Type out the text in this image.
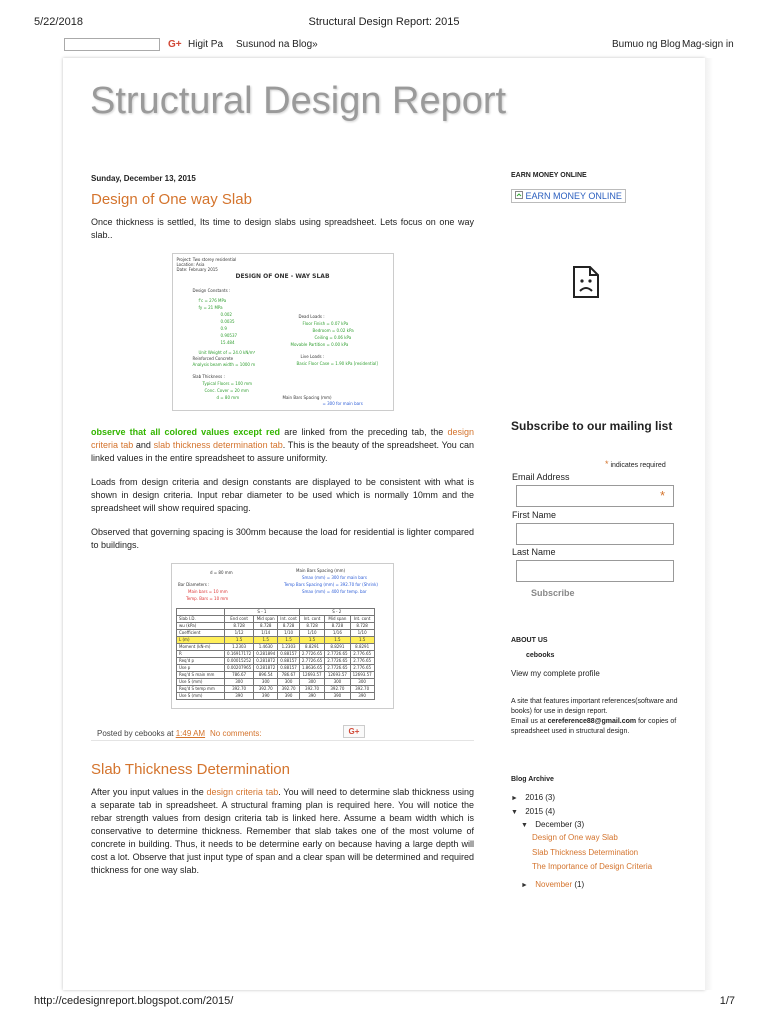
5/22/2018	Structural Design Report: 2015
G+ Higit Pa Susunod na Blog»	Bumuo ng Blog Mag-sign in
Structural Design Report
Sunday, December 13, 2015
Design of One way Slab

Once thickness is settled, Its time to design slabs using spreadsheet. Lets focus on one way slab..

Project: Two storey residential
Location: Asia
Date: February 2015
DESIGN OF ONE - WAY SLAB
Design Constants :
f'c = 276 MPa
fy = 21 MPa
0.002
0.0035
0.9
0.90537
15.484
Dead Loads :
Floor Finish = 0.07 kPa
Bedroom = 0.02 kPa
Ceiling = 0.06 kPa
Movable Partition = 0.00 kPa
Unit Weight of = 24.0 kN/m³
Reinforced Concrete
Analysis beam width = 1000 m
Live Loads :
Basic Floor Case = 1.90 kPa [residential]
Slab Thickness :
Typical Floors = 100 mm
Conc. Cover = 20 mm
d = 80 mm	Main Bars Spacing (mm)
= 300 for main bars

observe that all colored values except red are linked from the preceding tab, the design criteria tab and slab thickness determination tab. This is the beauty of the spreadsheet. You can linked values in the entire spreadsheet to assure uniformity.

Loads from design criteria and design constants are displayed to be consistent with what is shown in design criteria. Input rebar diameter to be used which is normally 10mm and the spreadsheet will show required spacing.

Observed that governing spacing is 300mm because the load for residential is lighter compared to buildings.

d = 80 mm
Bar Diameters :
Main bars = 10 mm
Temp. Bars = 10 mm
Main Bars Spacing (mm)
Smax (mm) = 300 for main bars
Temp Bars Spacing (mm) = 392.70 for (Shrink)
Smax (mm) = 400 for temp. bar
	S - 1			S - 2		
Slab I.D.	End cont	Mid span	Int. cont	Int. cont	Mid span	Int. cont
wu (kPa)	8.728	8.728	8.728	8.728	8.728	8.728
Coefficient	1/12	1/14	1/10	1/10	1/16	1/10
L (m)	1.5	1.5	1.5	1.5	1.5	1.5
Moment (kN-m)	1.2303	1.4630	1.2303	8.8291	8.8291	8.8291
R	0.16917172	0.281894	0.88157	2.7726.65	2.7726.65	2.776.65
Req'd p	0.00015252	0.281872	0.88157	2.7726.65	2.7726.65	2.776.65
Use p	0.00207965	0.281872	0.88157	1.8636.65	2.7726.65	2.776.65
Req'd S main mm	786.67	896.54	786.67	12693.57	12693.57	12693.57
Use S (mm)	300	300	300	300	300	300
Req'd S temp mm	392.70	392.70	392.70	392.70	392.70	392.70
Use S (mm)	390	390	390	390	390	390
Posted by cebooks at 1:49 AM No comments:	G+
Slab Thickness Determination

After you input values in the design criteria tab. You will need to determine slab thickness using a separate tab in spreadsheet. A structural framing plan is required here. You will notice the rebar strength values from design criteria tab is linked here. Assume a beam width which is conservative to determine thickness. Remember that slab takes one of the most volume of concrete in building. Thus, it needs to be determine early on because having a large depth will cost a lot. Observe that just input type of span and a clear span will be determined and required thickness for one way slab.

EARN MONEY ONLINE
EARN MONEY ONLINE
Subscribe to our mailing list
* indicates required
Email Address
*
First Name
Last Name
Subscribe
ABOUT US
cebooks
View my complete profile
A site that features important references(software and books) for use in design report.
Email us at cereference88@gmail.com for copies of spreadsheet used in structural design.
Blog Archive
► 2016 (3)
▼ 2015 (4)
▼ December (3)
Design of One way Slab
Slab Thickness Determination
The Importance of Design Criteria
► November (1)
http://cedesignreport.blogspot.com/2015/	1/7
